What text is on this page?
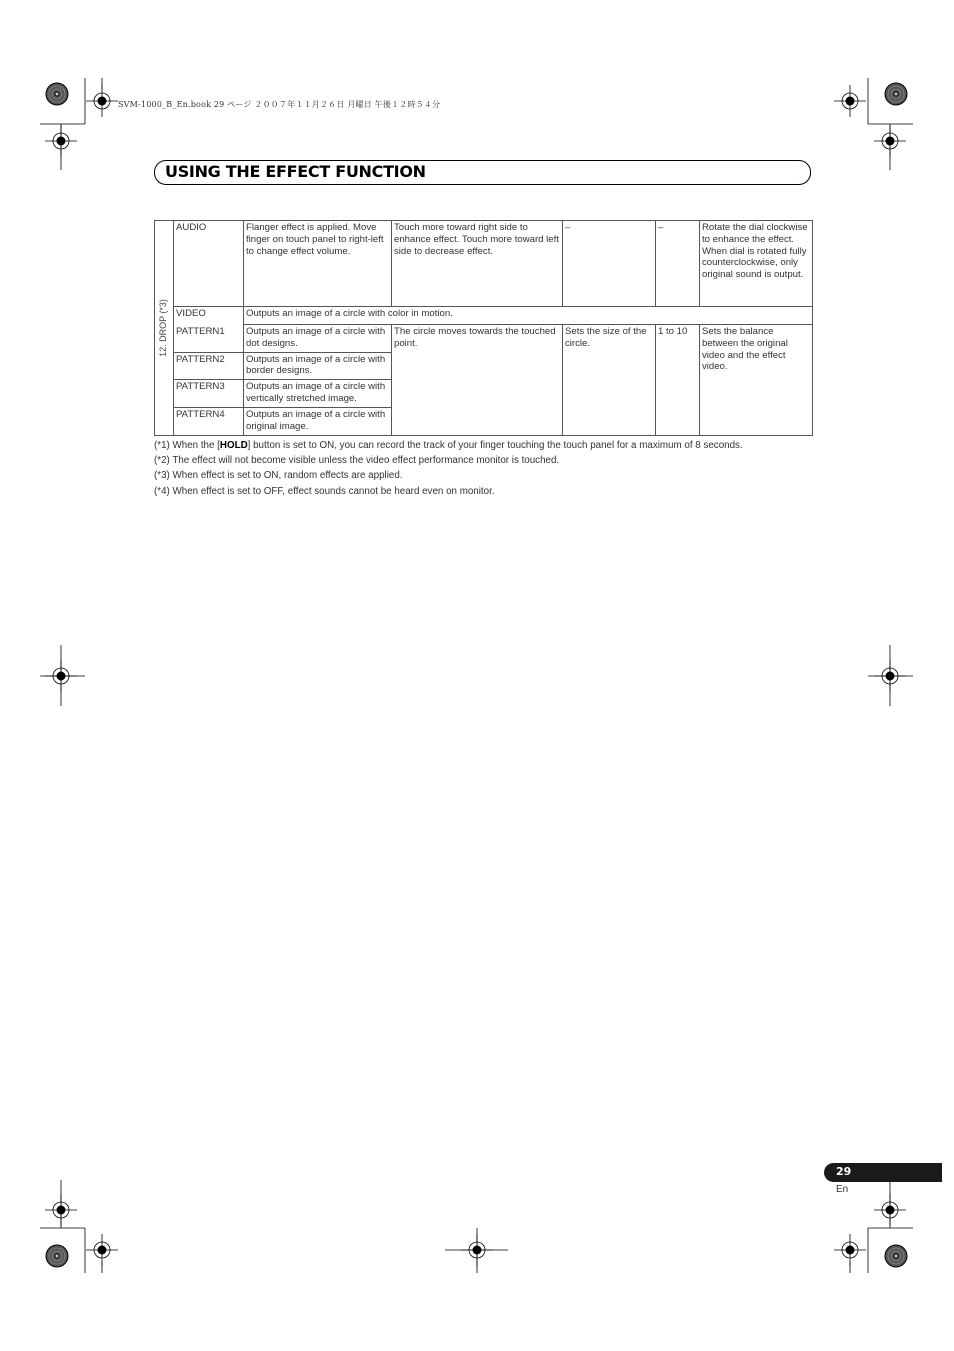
SVM-1000_B_En.book 29 ページ ２００７年１１月２６日 月曜日 午後１２時５４分
USING THE EFFECT FUNCTION
12. DROP (*3)	AUDIO	Flanger effect is applied. Move finger on touch panel to right-left to change effect volume.	Touch more toward right side to enhance effect. Touch more toward left side to decrease effect.	–	–	Rotate the dial clockwise to enhance the effect. When dial is rotated fully counterclockwise, only original sound is output.
	VIDEO	Outputs an image of a circle with color in motion.				
	PATTERN1	Outputs an image of a circle with dot designs.	The circle moves towards the touched point.	Sets the size of the circle.	1 to 10	Sets the balance between the original video and the effect video.
	PATTERN2	Outputs an image of a circle with border designs.				
	PATTERN3	Outputs an image of a circle with vertically stretched image.				
	PATTERN4	Outputs an image of a circle with original image.				

(*1) When the [HOLD] button is set to ON, you can record the track of your finger touching the touch panel for a maximum of 8 seconds.

(*2) The effect will not become visible unless the video effect performance monitor is touched.

(*3) When effect is set to ON, random effects are applied.

(*4) When effect is set to OFF, effect sounds cannot be heard even on monitor.

29
En
